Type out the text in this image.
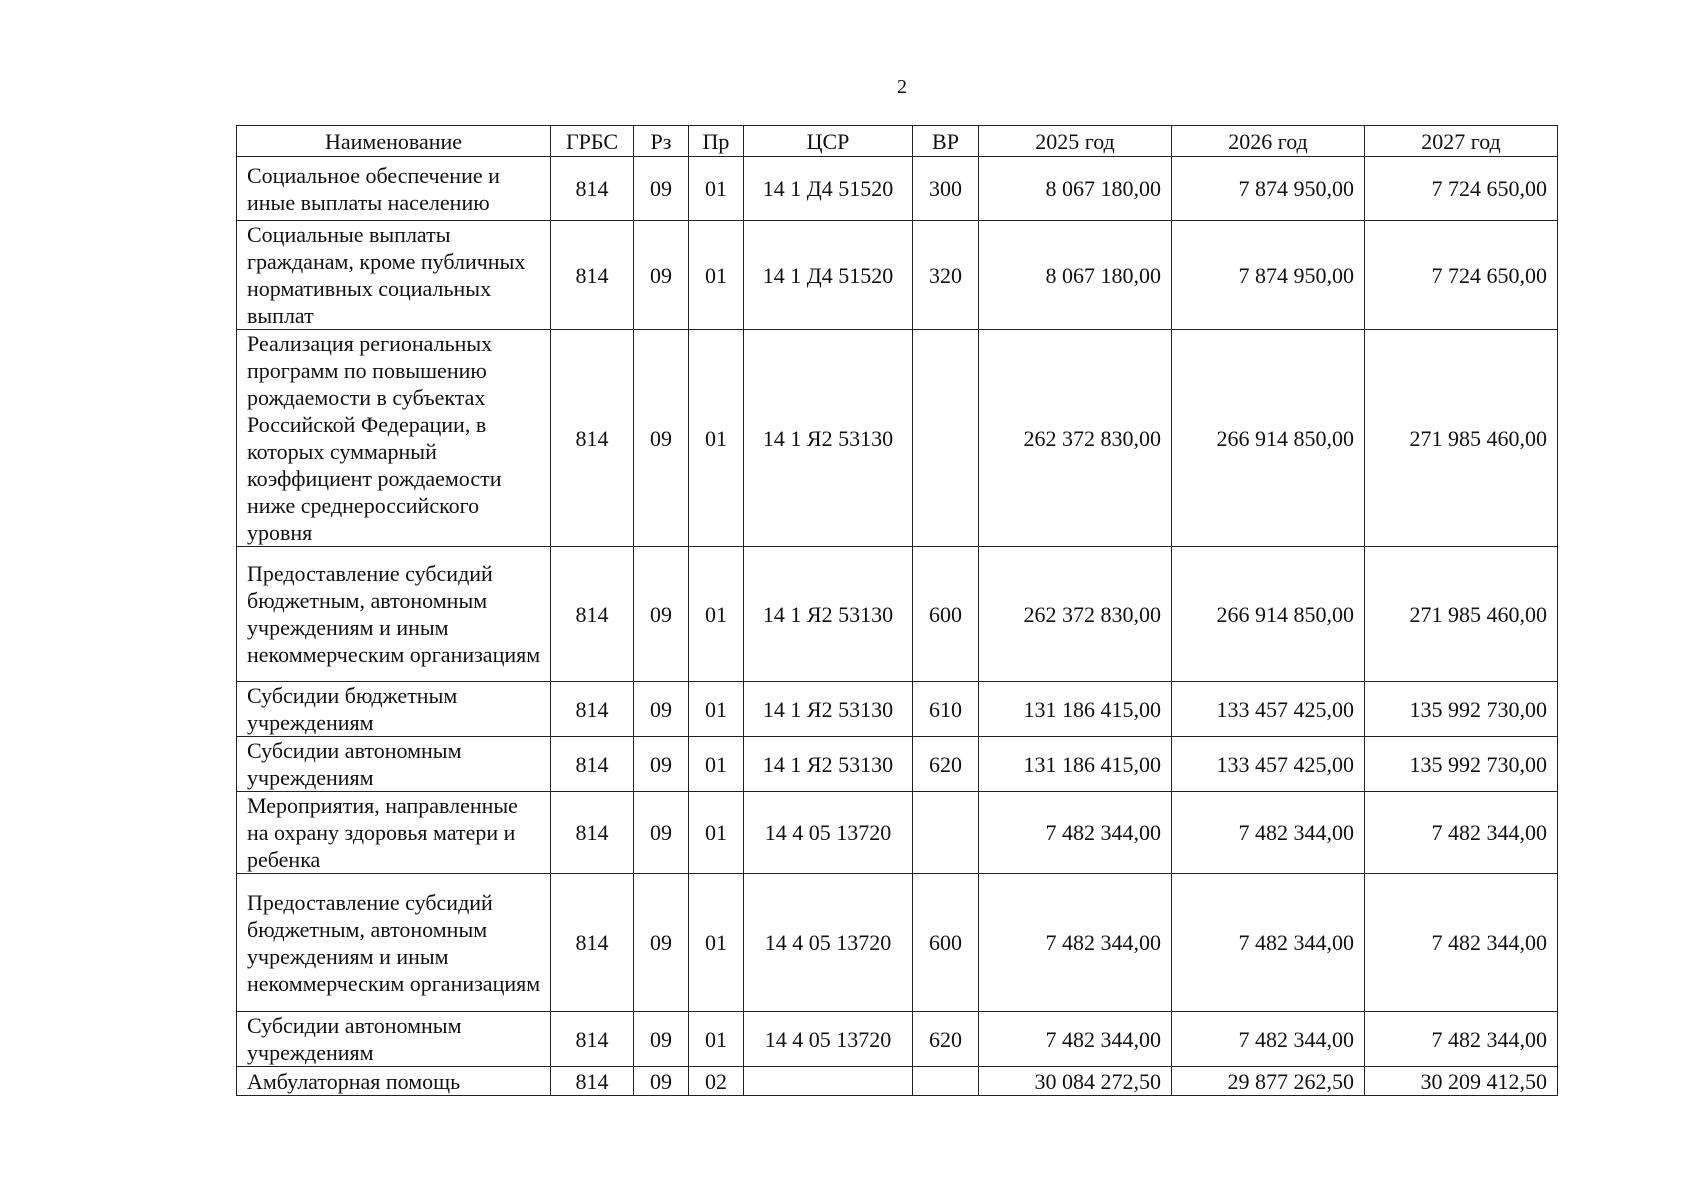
2
Наименование	ГРБС	Рз	Пр	ЦСР	ВР	2025 год	2026 год	2027 год
Социальное обеспечение и иные выплаты населению	814	09	01	14 1 Д4 51520	300	8 067 180,00	7 874 950,00	7 724 650,00
Социальные выплаты гражданам, кроме публичных нормативных социальных выплат	814	09	01	14 1 Д4 51520	320	8 067 180,00	7 874 950,00	7 724 650,00
Реализация региональных программ по повышению рождаемости в субъектах Российской Федерации, в которых суммарный коэффициент рождаемости ниже среднероссийского уровня	814	09	01	14 1 Я2 53130		262 372 830,00	266 914 850,00	271 985 460,00
Предоставление субсидий бюджетным, автономным учреждениям и иным некоммерческим организациям	814	09	01	14 1 Я2 53130	600	262 372 830,00	266 914 850,00	271 985 460,00
Субсидии бюджетным учреждениям	814	09	01	14 1 Я2 53130	610	131 186 415,00	133 457 425,00	135 992 730,00
Субсидии автономным учреждениям	814	09	01	14 1 Я2 53130	620	131 186 415,00	133 457 425,00	135 992 730,00
Мероприятия, направленные на охрану здоровья матери и ребенка	814	09	01	14 4 05 13720		7 482 344,00	7 482 344,00	7 482 344,00
Предоставление субсидий бюджетным, автономным учреждениям и иным некоммерческим организациям	814	09	01	14 4 05 13720	600	7 482 344,00	7 482 344,00	7 482 344,00
Субсидии автономным учреждениям	814	09	01	14 4 05 13720	620	7 482 344,00	7 482 344,00	7 482 344,00
Амбулаторная помощь	814	09	02			30 084 272,50	29 877 262,50	30 209 412,50
